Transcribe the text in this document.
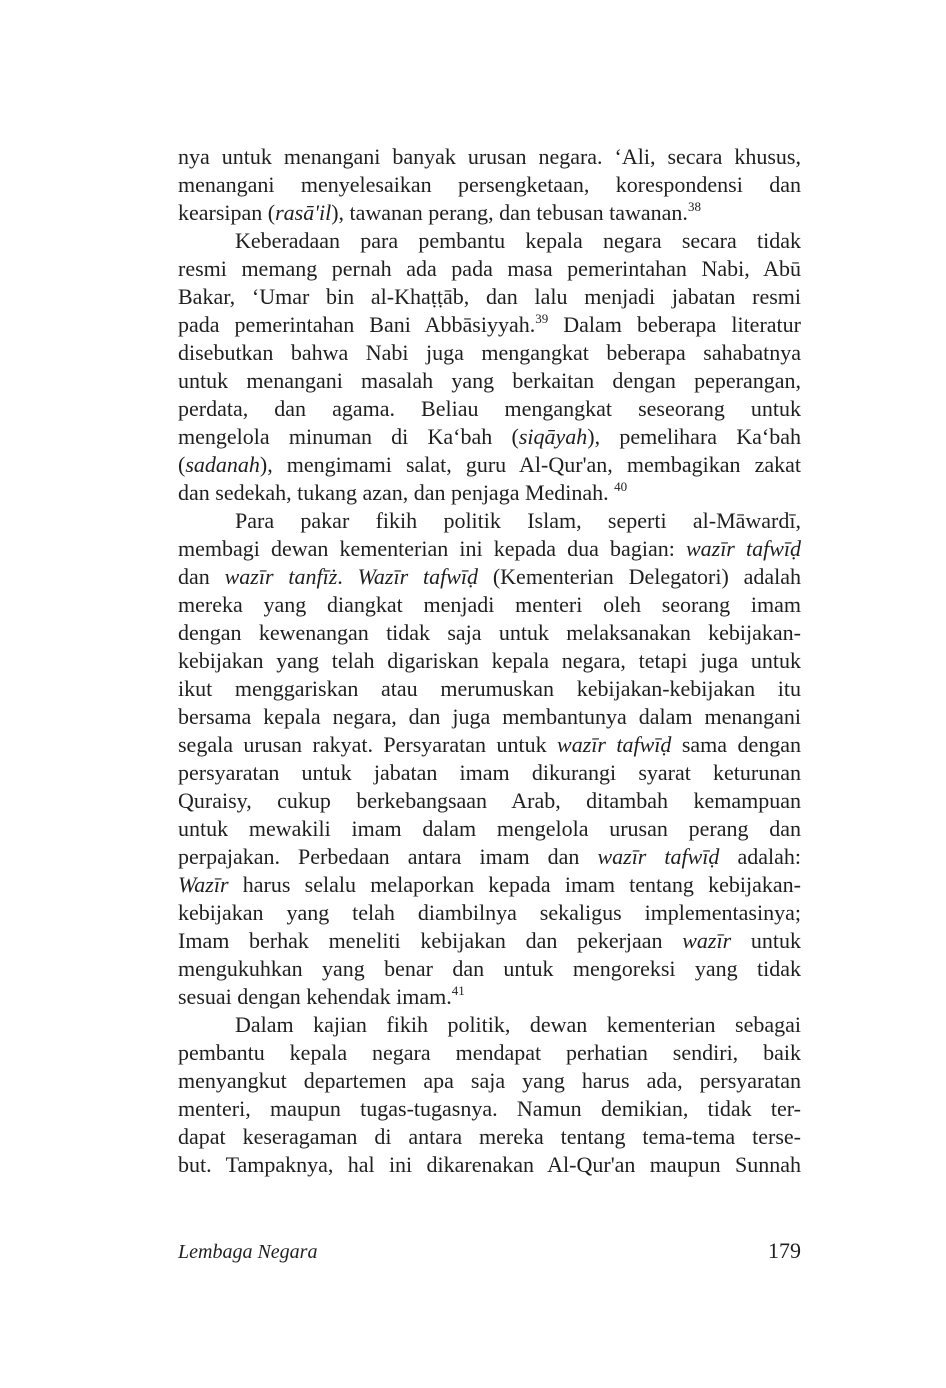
nya untuk menangani banyak urusan negara. ‘Ali, secara khusus,
menangani menyelesaikan persengketaan, korespondensi dan
kearsipan (rasā'il), tawanan perang, dan tebusan tawanan.$^{38}$
Keberadaan para pembantu kepala negara secara tidak
resmi memang pernah ada pada masa pemerintahan Nabi, Abū
Bakar, ‘Umar bin al-Khaṭṭāb, dan lalu menjadi jabatan resmi
pada pemerintahan Bani Abbāsiyyah.$^{39}$ Dalam beberapa literatur
disebutkan bahwa Nabi juga mengangkat beberapa sahabatnya
untuk menangani masalah yang berkaitan dengan peperangan,
perdata, dan agama. Beliau mengangkat seseorang untuk
mengelola minuman di Ka‘bah (siqāyah), pemelihara Ka‘bah
(sadanah), mengimami salat, guru Al-Qur'an, membagikan zakat
dan sedekah, tukang azan, dan penjaga Medinah. $^{40}$
Para pakar fikih politik Islam, seperti al-Māwardī,
membagi dewan kementerian ini kepada dua bagian: wazīr tafwīḍ
dan wazīr tanfīż. Wazīr tafwīḍ (Kementerian Delegatori) adalah
mereka yang diangkat menjadi menteri oleh seorang imam
dengan kewenangan tidak saja untuk melaksanakan kebijakan-
kebijakan yang telah digariskan kepala negara, tetapi juga untuk
ikut menggariskan atau merumuskan kebijakan-kebijakan itu
bersama kepala negara, dan juga membantunya dalam menangani
segala urusan rakyat. Persyaratan untuk wazīr tafwīḍ sama dengan
persyaratan untuk jabatan imam dikurangi syarat keturunan
Quraisy, cukup berkebangsaan Arab, ditambah kemampuan
untuk mewakili imam dalam mengelola urusan perang dan
perpajakan. Perbedaan antara imam dan wazīr tafwīḍ adalah:
Wazīr harus selalu melaporkan kepada imam tentang kebijakan-
kebijakan yang telah diambilnya sekaligus implementasinya;
Imam berhak meneliti kebijakan dan pekerjaan wazīr untuk
mengukuhkan yang benar dan untuk mengoreksi yang tidak
sesuai dengan kehendak imam.$^{41}$
Dalam kajian fikih politik, dewan kementerian sebagai
pembantu kepala negara mendapat perhatian sendiri, baik
menyangkut departemen apa saja yang harus ada, persyaratan
menteri, maupun tugas-tugasnya. Namun demikian, tidak ter-
dapat keseragaman di antara mereka tentang tema-tema terse-
but. Tampaknya, hal ini dikarenakan Al-Qur'an maupun Sunnah
Lembaga Negara	179
